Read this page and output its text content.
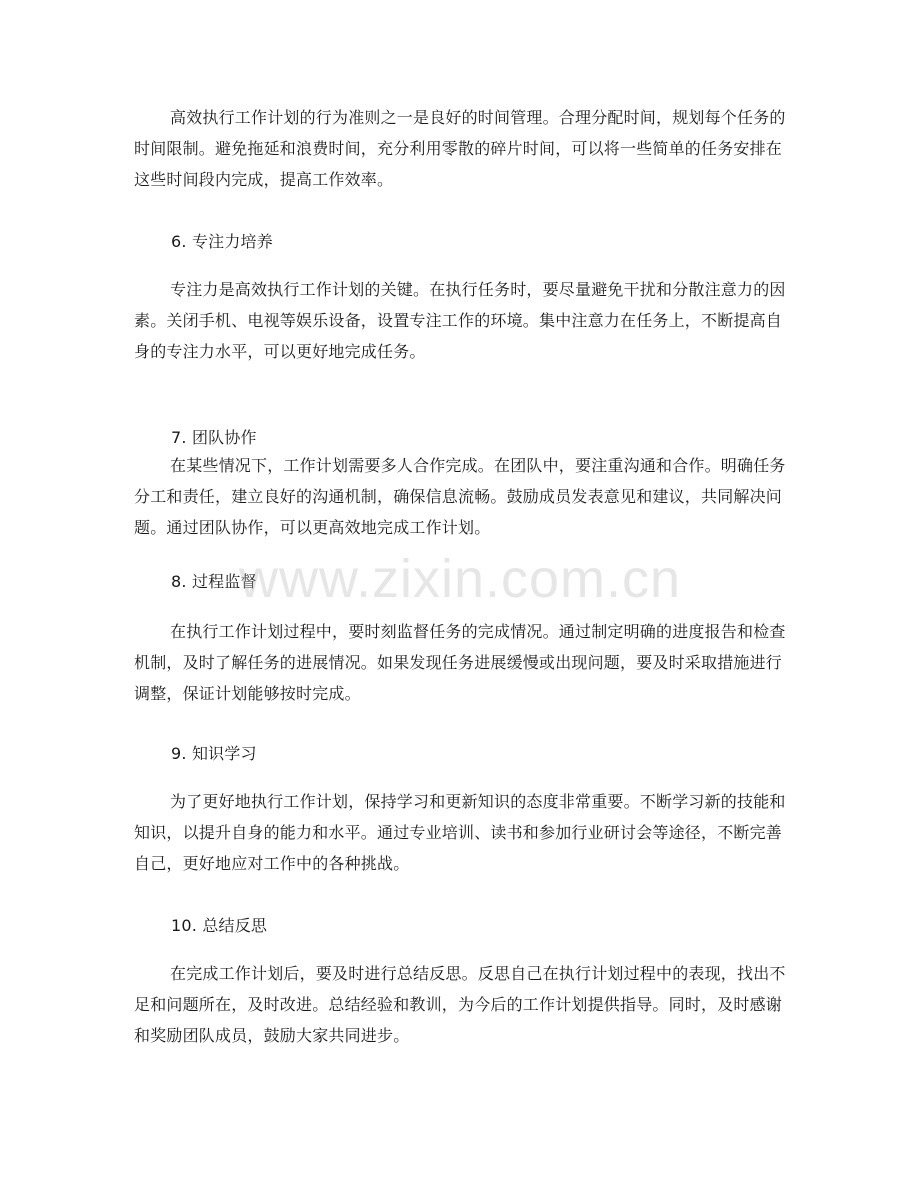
高效执行工作计划的行为准则之一是良好的时间管理。合理分配时间，规划每个任务的时间限制。避免拖延和浪费时间，充分利用零散的碎片时间，可以将一些简单的任务安排在这些时间段内完成，提高工作效率。

6. 专注力培养

专注力是高效执行工作计划的关键。在执行任务时，要尽量避免干扰和分散注意力的因素。关闭手机、电视等娱乐设备，设置专注工作的环境。集中注意力在任务上，不断提高自身的专注力水平，可以更好地完成任务。

7. 团队协作

在某些情况下，工作计划需要多人合作完成。在团队中，要注重沟通和合作。明确任务分工和责任，建立良好的沟通机制，确保信息流畅。鼓励成员发表意见和建议，共同解决问题。通过团队协作，可以更高效地完成工作计划。

8. 过程监督

在执行工作计划过程中，要时刻监督任务的完成情况。通过制定明确的进度报告和检查机制，及时了解任务的进展情况。如果发现任务进展缓慢或出现问题，要及时采取措施进行调整，保证计划能够按时完成。

9. 知识学习

为了更好地执行工作计划，保持学习和更新知识的态度非常重要。不断学习新的技能和知识，以提升自身的能力和水平。通过专业培训、读书和参加行业研讨会等途径，不断完善自己，更好地应对工作中的各种挑战。

10. 总结反思

在完成工作计划后，要及时进行总结反思。反思自己在执行计划过程中的表现，找出不足和问题所在，及时改进。总结经验和教训，为今后的工作计划提供指导。同时，及时感谢和奖励团队成员，鼓励大家共同进步。

www.zixin.com.cn
